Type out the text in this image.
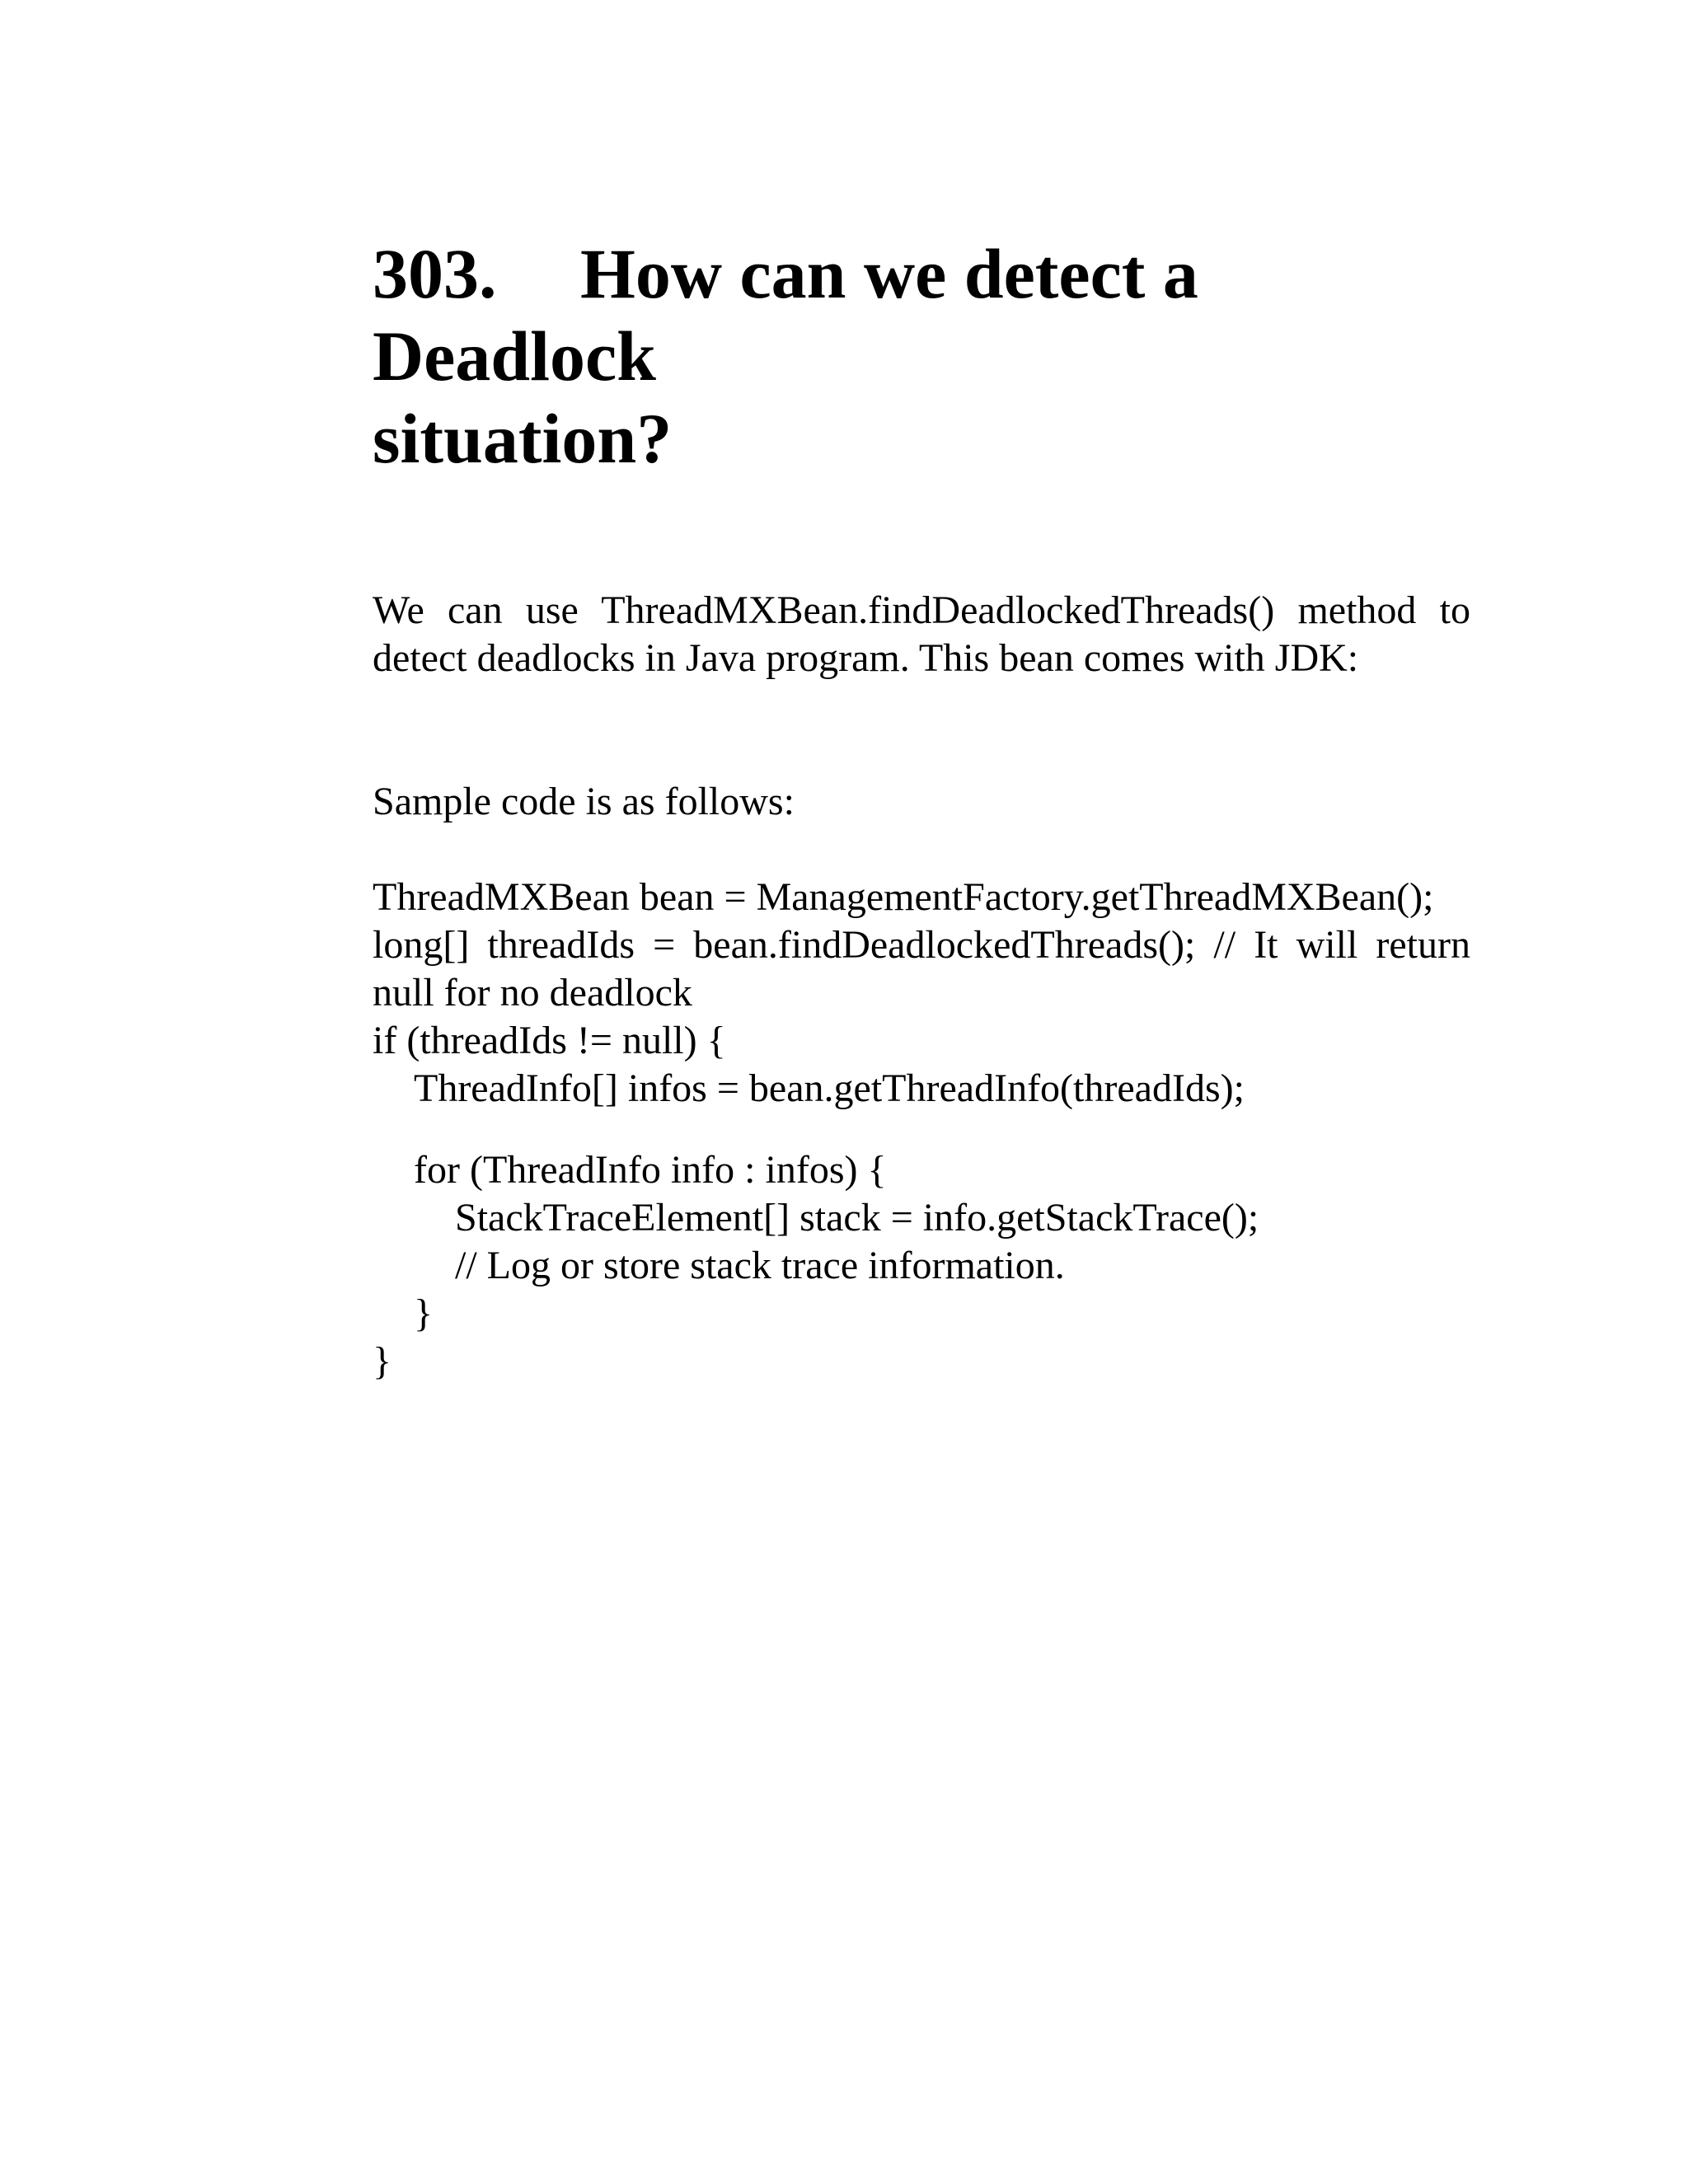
303. How can we detect a Deadlock
situation?

We can use ThreadMXBean.findDeadlockedThreads() method to detect deadlocks in Java program. This bean comes with JDK:

Sample code is as follows:

ThreadMXBean bean = ManagementFactory.getThreadMXBean();

long[] threadIds = bean.findDeadlockedThreads(); // It will return null for no deadlock

if (threadIds != null) {

ThreadInfo[] infos = bean.getThreadInfo(threadIds);

for (ThreadInfo info : infos) {

StackTraceElement[] stack = info.getStackTrace();

// Log or store stack trace information.

}

}
